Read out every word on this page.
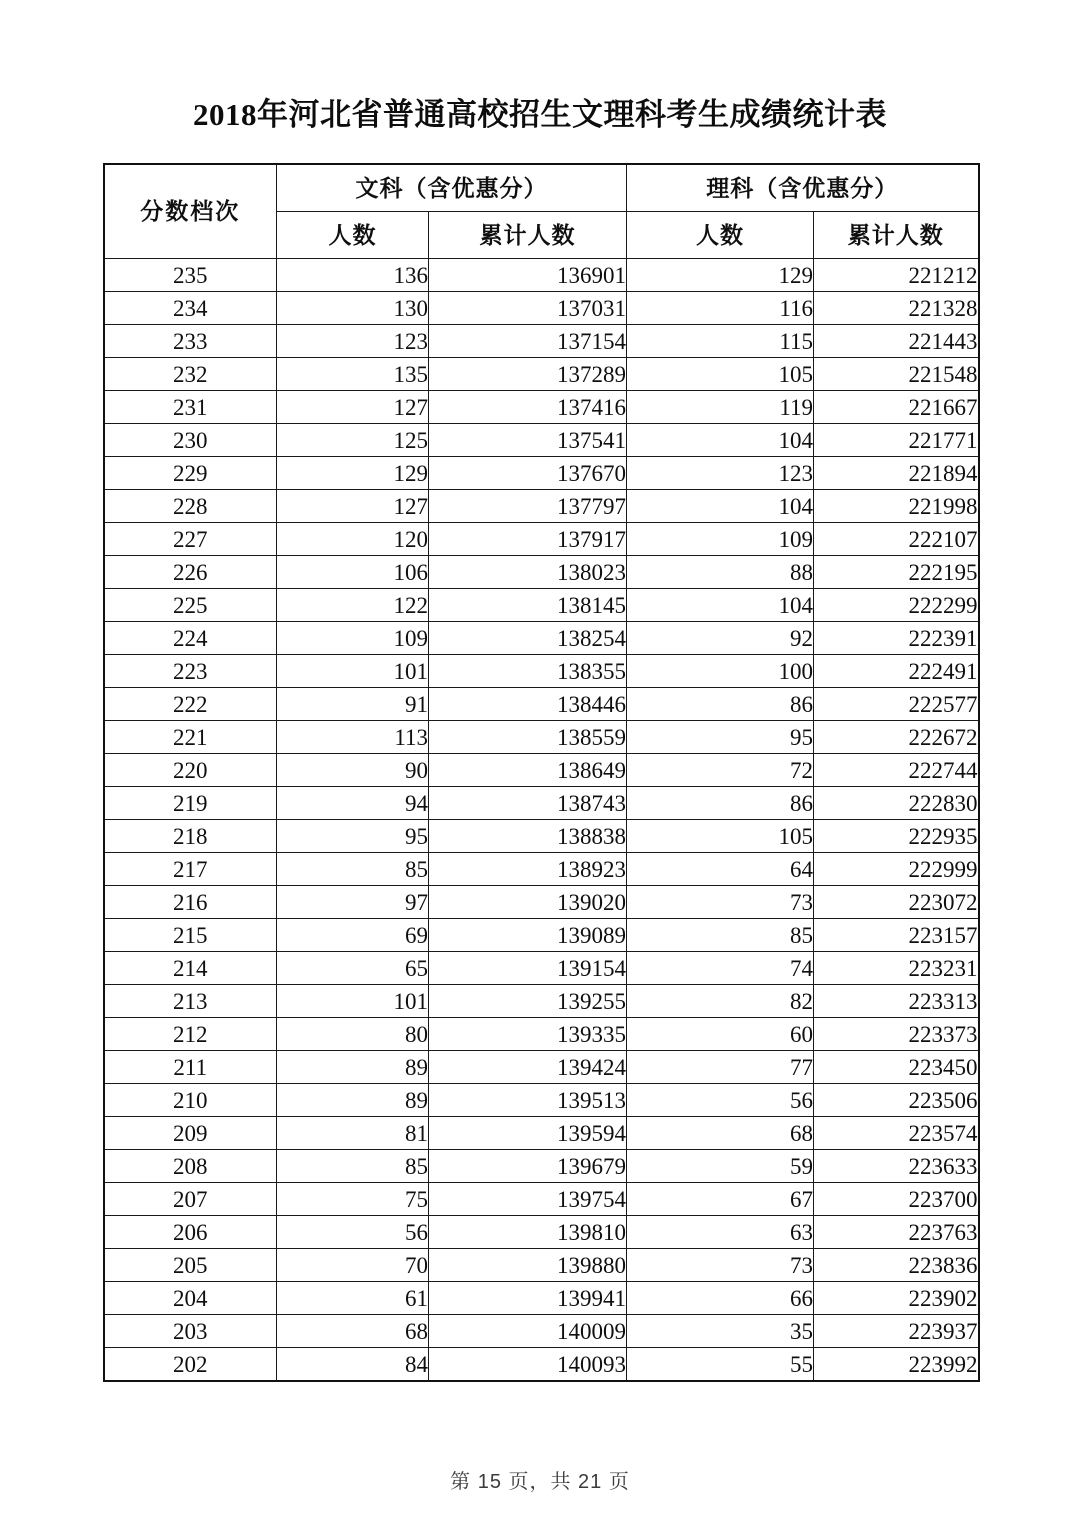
2018年河北省普通高校招生文理科考生成绩统计表
分数档次	文科（含优惠分）		理科（含优惠分）	
	人数	累计人数	人数	累计人数
235	136	136901	129	221212
234	130	137031	116	221328
233	123	137154	115	221443
232	135	137289	105	221548
231	127	137416	119	221667
230	125	137541	104	221771
229	129	137670	123	221894
228	127	137797	104	221998
227	120	137917	109	222107
226	106	138023	88	222195
225	122	138145	104	222299
224	109	138254	92	222391
223	101	138355	100	222491
222	91	138446	86	222577
221	113	138559	95	222672
220	90	138649	72	222744
219	94	138743	86	222830
218	95	138838	105	222935
217	85	138923	64	222999
216	97	139020	73	223072
215	69	139089	85	223157
214	65	139154	74	223231
213	101	139255	82	223313
212	80	139335	60	223373
211	89	139424	77	223450
210	89	139513	56	223506
209	81	139594	68	223574
208	85	139679	59	223633
207	75	139754	67	223700
206	56	139810	63	223763
205	70	139880	73	223836
204	61	139941	66	223902
203	68	140009	35	223937
202	84	140093	55	223992
第 15 页，共 21 页
